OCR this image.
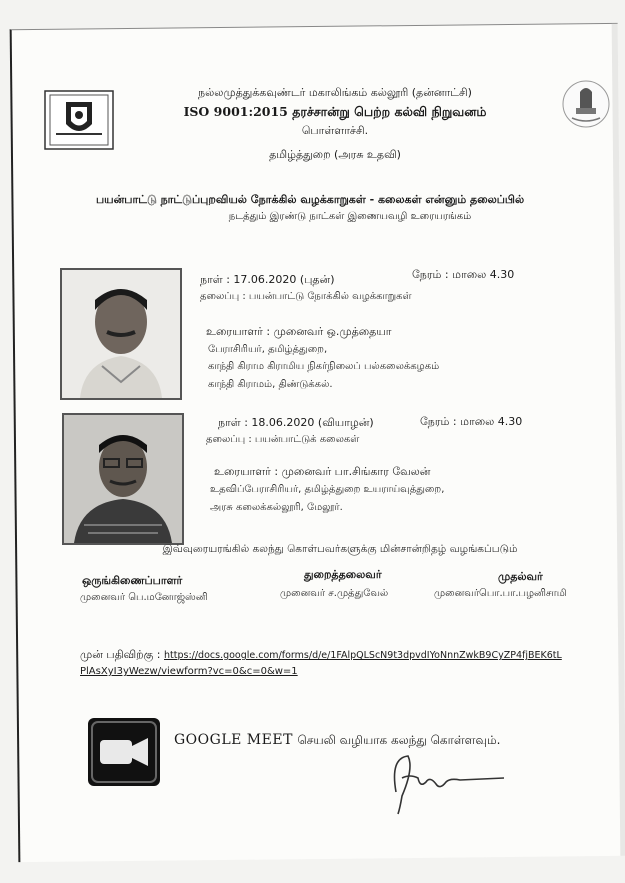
நல்லமுத்துக்கவுண்டர் மகாலிங்கம் கல்லூரி (தன்னாட்சி)
ISO 9001:2015 தரச்சான்று பெற்ற கல்வி நிறுவனம்
பொள்ளாச்சி.
தமிழ்த்துறை (அரசு உதவி)
பயன்பாட்டு நாட்டுப்புறவியல் நோக்கில் வழக்காறுகள் - கலைகள் என்னும் தலைப்பில்
நடத்தும் இரண்டு நாட்கள் இணையவழி உரையரங்கம்
நாள் : 17.06.2020 (புதன்)	நேரம் : மாலை 4.30
தலைப்பு : பயன்பாட்டு நோக்கில் வழக்காறுகள்
உரையாளர் : முனைவர் ஒ.முத்தையா
பேராசிரியர், தமிழ்த்துறை,
காந்தி கிராம கிராமிய நிகர்நிலைப் பல்கலைக்கழகம்
காந்தி கிராமம், திண்டுக்கல்.
நாள் : 18.06.2020 (வியாழன்)	நேரம் : மாலை 4.30
தலைப்பு : பயன்பாட்டுக் கலைகள்
உரையாளர் : முனைவர் பா.சிங்கார வேலன்
உதவிப்பேராசிரியர், தமிழ்த்துறை உயராய்வுத்துறை,
அரசு கலைக்கல்லூரி, மேலூர்.
இவ்வுரையரங்கில் கலந்து கொள்பவர்களுக்கு மின்சான்றிதழ் வழங்கப்படும்
ஒருங்கிணைப்பாளர்
முனைவர் பெ.மனோஜ்ஸ்னி
துறைத்தலைவர்
முனைவர் ச.முத்துவேல்
முதல்வர்
முனைவர்பொ.பா.பழனிசாமி
முன் பதிவிற்கு : https://docs.google.com/forms/d/e/1FAlpQLScN9t3dpvdIYoNnnZwkB9CyZP4fjBEK6tL
PlAsXyI3yWezw/viewform?vc=0&c=0&w=1
GOOGLE MEET செயலி வழியாக கலந்து கொள்ளவும்.
